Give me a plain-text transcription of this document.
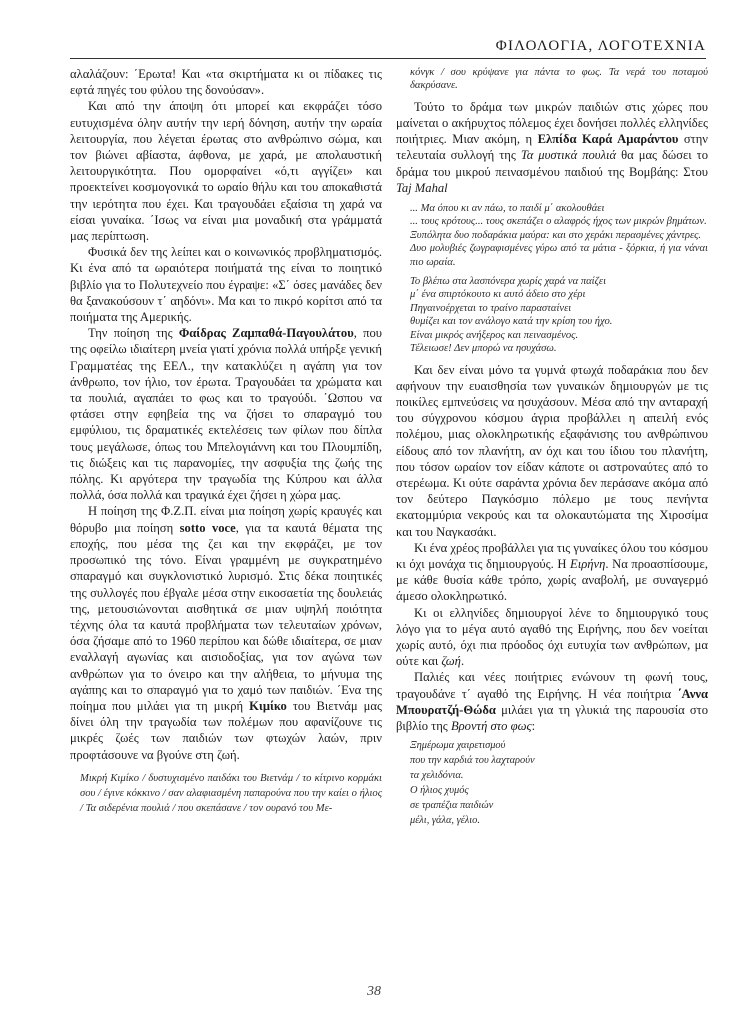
ΦΙΛΟΛΟΓΙΑ, ΛΟΓΟΤΕΧΝΙΑ

αλαλάζουν: ΄Ερωτα! Και «τα σκιρτήματα κι οι πίδακες τις εφτά πηγές του φύλου της δονούσαν».

Και από την άποψη ότι μπορεί και εκφράζει τόσο ευτυχισμένα όλην αυτήν την ιερή δόνηση, αυτήν την ωραία λειτουργία, που λέγεται έρωτας στο ανθρώπινο σώμα, και τον βιώνει αβίαστα, άφθονα, με χαρά, με απολαυστική λειτουργικότητα. Που ομορφαίνει «ό,τι αγγίζει» και προεκτείνει κοσμογονικά το ωραίο θήλυ και του αποκαθιστά την ιερότητα που έχει. Και τραγουδάει εξαίσια τη χαρά να είσαι γυναίκα. ΄Ισως να είναι μια μοναδική στα γράμματά μας περίπτωση.

Φυσικά δεν της λείπει και ο κοινωνικός προβληματισμός. Κι ένα από τα ωραιότερα ποιήματά της είναι το ποιητικό βιβλίο για το Πολυτεχνείο που έγραψε: «Σ΄ όσες μανάδες δεν θα ξανακούσουν τ΄ αηδόνι». Μα και το πικρό κορίτσι από τα ποιήματα της Αμερικής.

Την ποίηση της Φαίδρας Ζαμπαθά-Παγουλάτου, που της οφείλω ιδιαίτερη μνεία γιατί χρόνια πολλά υπήρξε γενική Γραμματέας της ΕΕΛ., την κατακλύζει η αγάπη για τον άνθρωπο, τον ήλιο, τον έρωτα. Τραγουδάει τα χρώματα και τα πουλιά, αγαπάει το φως και το τραγούδι. ΄Ωσπου να φτάσει στην εφηβεία της να ζήσει το σπαραγμό του εμφύλιου, τις δραματικές εκτελέσεις των φίλων που δίπλα τους μεγάλωσε, όπως του Μπελογιάννη και του Πλουμπίδη, τις διώξεις και τις παρανομίες, την ασφυξία της ζωής της πόλης. Κι αργότερα την τραγωδία της Κύπρου και άλλα πολλά, όσα πολλά και τραγικά έχει ζήσει η χώρα μας.

Η ποίηση της Φ.Ζ.Π. είναι μια ποίηση χωρίς κραυγές και θόρυβο μια ποίηση sotto voce, για τα καυτά θέματα της εποχής, που μέσα της ζει και την εκφράζει, με τον προσωπικό της τόνο. Είναι γραμμένη με συγκρατημένο σπαραγμό και συγκλονιστικό λυρισμό. Στις δέκα ποιητικές της συλλογές που έβγαλε μέσα στην εικοσαετία της δουλειάς της, μετουσιώνονται αισθητικά σε μιαν υψηλή ποιότητα τέχνης όλα τα καυτά προβλήματα των τελευταίων χρόνων, όσα ζήσαμε από το 1960 περίπου και δώθε ιδιαίτερα, σε μιαν εναλλαγή αγωνίας και αισιοδοξίας, για τον αγώνα των ανθρώπων για το όνειρο και την αλήθεια, το μήνυμα της αγάπης και το σπαραγμό για το χαμό των παιδιών. ΄Ενα της ποίημα που μιλάει για τη μικρή Κιμίκο του Βιετνάμ μας δίνει όλη την τραγωδία των πολέμων που αφανίζουνε τις μικρές ζωές των παιδιών των φτωχών λαών, πριν προφτάσουνε να βγούνε στη ζωή.

Μικρή Κιμίκο / δυστυχισμένο παιδάκι του Βιετνάμ / το κίτρινο κορμάκι σου / έγινε κόκκινο / σαν αλαφιασμένη παπαρούνα που την καίει ο ήλιος / Τα σιδερένια πουλιά / που σκεπάσανε / τον ουρανό του Με-
κόνγκ / σου κρύψανε για πάντα το φως. Τα νερά του ποταμού δακρύσανε.

Τούτο το δράμα των μικρών παιδιών στις χώρες που μαίνεται ο ακήρυχτος πόλεμος έχει δονήσει πολλές ελληνίδες ποιήτριες. Μιαν ακόμη, η Ελπίδα Καρά Αμαράντου στην τελευταία συλλογή της Τα μυστικά πουλιά θα μας δώσει το δράμα του μικρού πεινασμένου παιδιού της Βομβάης: Στου Taj Mahal

... Μα όπου κι αν πάω, το παιδί μ΄ ακολουθάει
... τους κρότους... τους σκεπάζει ο αλαφρός ήχος των μικρών βημάτων.
Ξυπόλητα δυο ποδαράκια μαύρα: και στο χεράκι περασμένες χάντρες.
Δυο μολυβιές ζωγραφισμένες γύρω από τα μάτια - ξόρκια, ή για νάναι πιο ωραία.
Το βλέπω στα λασπόνερα χωρίς χαρά να παίζει
μ΄ ένα σπιρτόκουτο κι αυτό άδειο στο χέρι
Πηγαινοέρχεται το τραίνο παρασταίνει
θυμίζει και τον ανάλογο κατά την κρίση του ήχο.
Είναι μικρός ανήξερος και πεινασμένος.
Τέλειωσε! Δεν μπορώ να ησυχάσω.

Και δεν είναι μόνο τα γυμνά φτωχά ποδαράκια που δεν αφήνουν την ευαισθησία των γυναικών δημιουργών με τις ποικίλες εμπνεύσεις να ησυχάσουν. Μέσα από την ανταραχή του σύγχρονου κόσμου άγρια προβάλλει η απειλή ενός πολέμου, μιας ολοκληρωτικής εξαφάνισης του ανθρώπινου είδους από τον πλανήτη, αν όχι και του ίδιου του πλανήτη, που τόσον ωραίον τον είδαν κάποτε οι αστροναύτες από το στερέωμα. Κι ούτε σαράντα χρόνια δεν περάσανε ακόμα από τον δεύτερο Παγκόσμιο πόλεμο με τους πενήντα εκατομμύρια νεκρούς και τα ολοκαυτώματα της Χιροσίμα και του Ναγκασάκι.

Κι ένα χρέος προβάλλει για τις γυναίκες όλου του κόσμου κι όχι μονάχα τις δημιουργούς. Η Ειρήνη. Να προασπίσουμε, με κάθε θυσία κάθε τρόπο, χωρίς αναβολή, με συναγερμό άμεσο ολοκληρωτικό.

Κι οι ελληνίδες δημιουργοί λένε το δημιουργικό τους λόγο για το μέγα αυτό αγαθό της Ειρήνης, που δεν νοείται χωρίς αυτό, όχι πια πρόοδος όχι ευτυχία των ανθρώπων, μα ούτε και ζωή.

Παλιές και νέες ποιήτριες ενώνουν τη φωνή τους, τραγουδάνε τ΄ αγαθό της Ειρήνης. Η νέα ποιήτρια ΄Αννα Μπουρατζή-Θώδα μιλάει για τη γλυκιά της παρουσία στο βιβλίο της Βροντή στο φως:

Ξημέρωμα χαιρετισμού
που την καρδιά του λαχταρούν
τα χελιδόνια.
Ο ήλιος χυμός
σε τραπέζια παιδιών
μέλι, γάλα, γέλιο.
38
